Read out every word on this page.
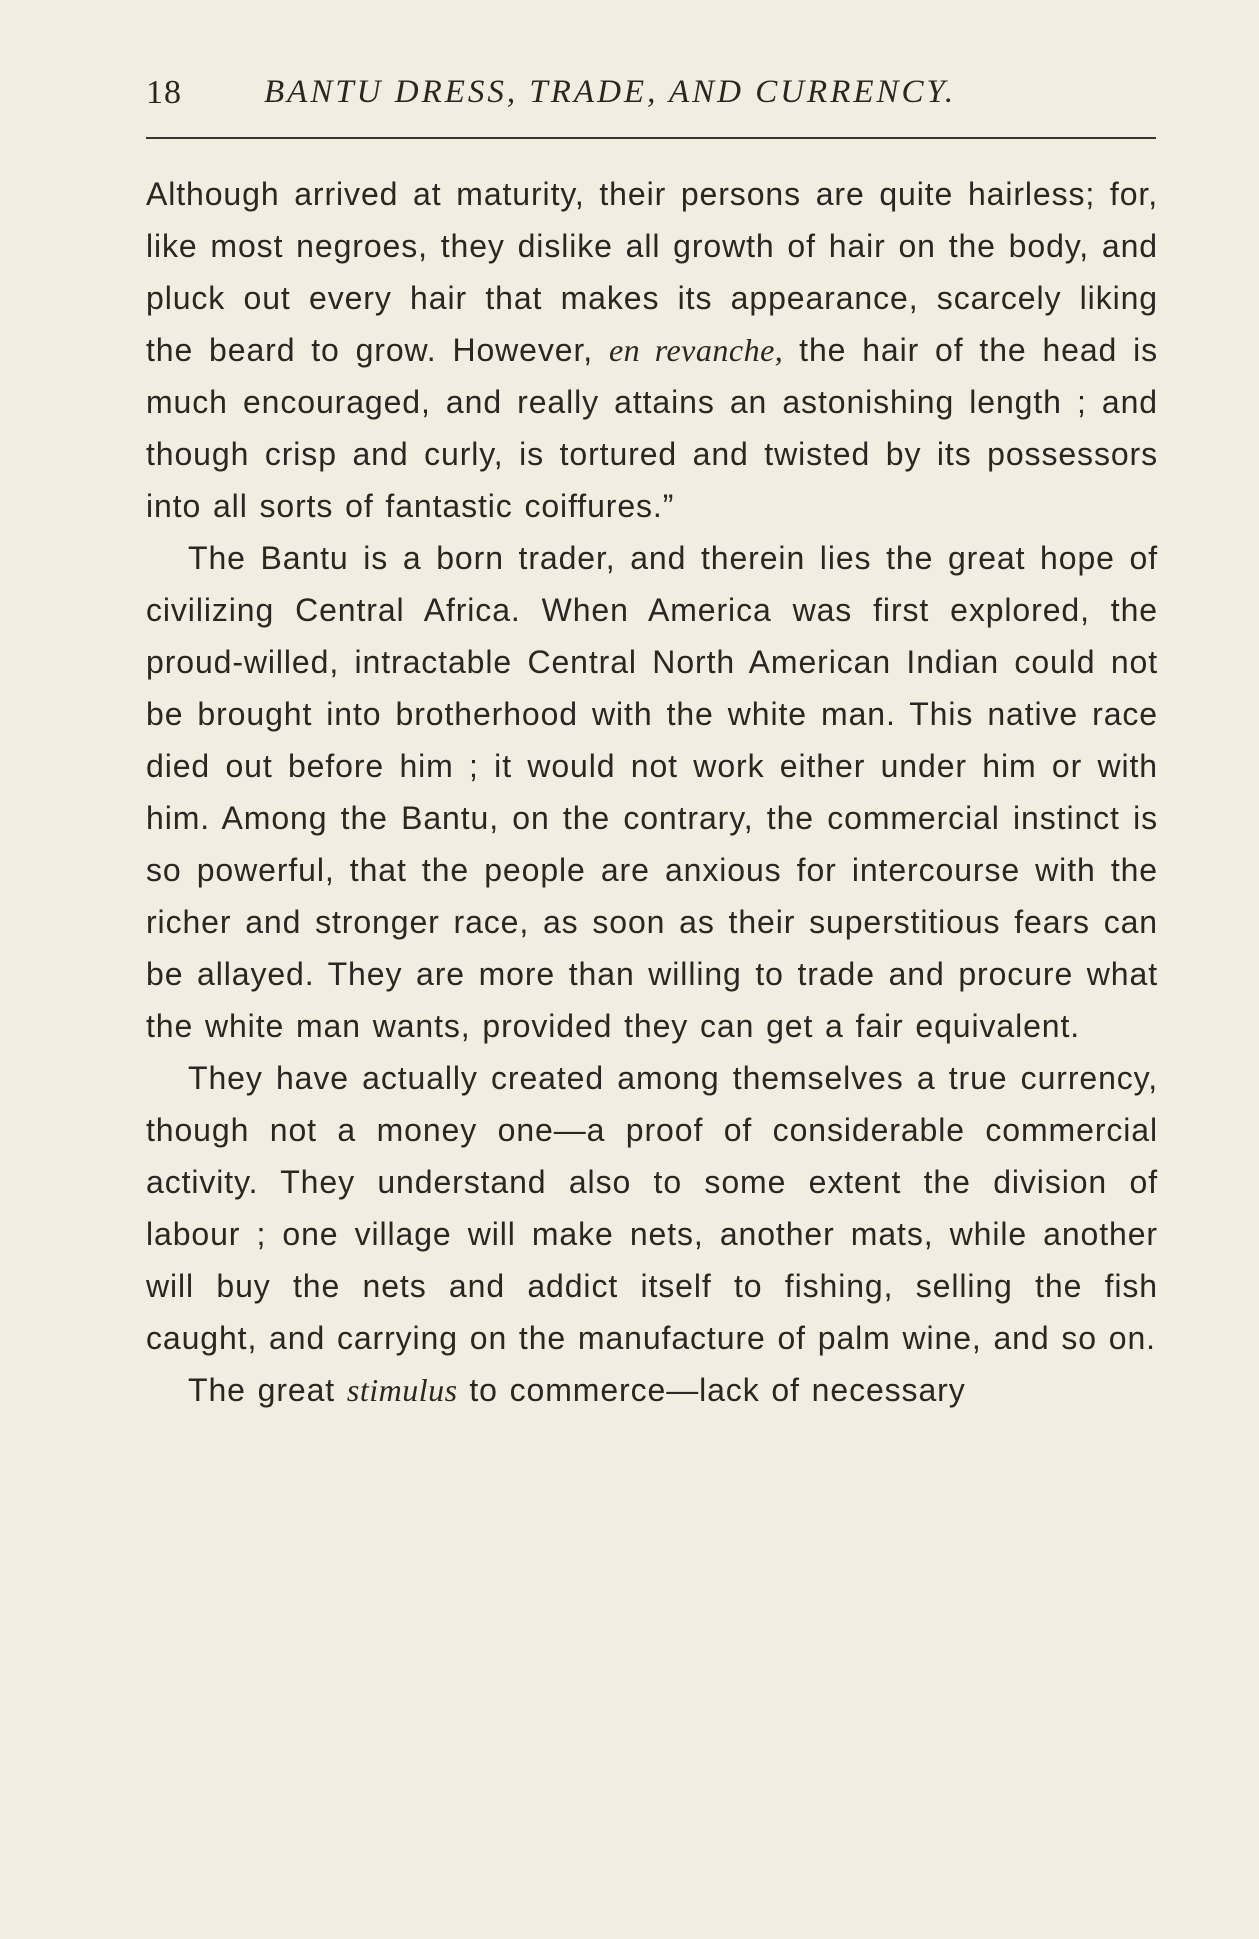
18 BANTU DRESS, TRADE, AND CURRENCY.

Although arrived at maturity, their persons are quite hairless; for, like most negroes, they dislike all growth of hair on the body, and pluck out every hair that makes its appearance, scarcely liking the beard to grow. However, en revanche, the hair of the head is much encouraged, and really attains an astonishing length ; and though crisp and curly, is tortured and twisted by its possessors into all sorts of fantastic coiffures.”

The Bantu is a born trader, and therein lies the great hope of civilizing Central Africa. When America was first explored, the proud-willed, intractable Central North American Indian could not be brought into brotherhood with the white man. This native race died out before him ; it would not work either under him or with him. Among the Bantu, on the contrary, the commercial instinct is so powerful, that the people are anxious for intercourse with the richer and stronger race, as soon as their superstitious fears can be allayed. They are more than willing to trade and procure what the white man wants, provided they can get a fair equivalent.

They have actually created among themselves a true currency, though not a money one—a proof of considerable commercial activity. They understand also to some extent the division of labour ; one village will make nets, another mats, while another will buy the nets and addict itself to fishing, selling the fish caught, and carrying on the manufacture of palm wine, and so on.

The great stimulus to commerce—lack of necessary
